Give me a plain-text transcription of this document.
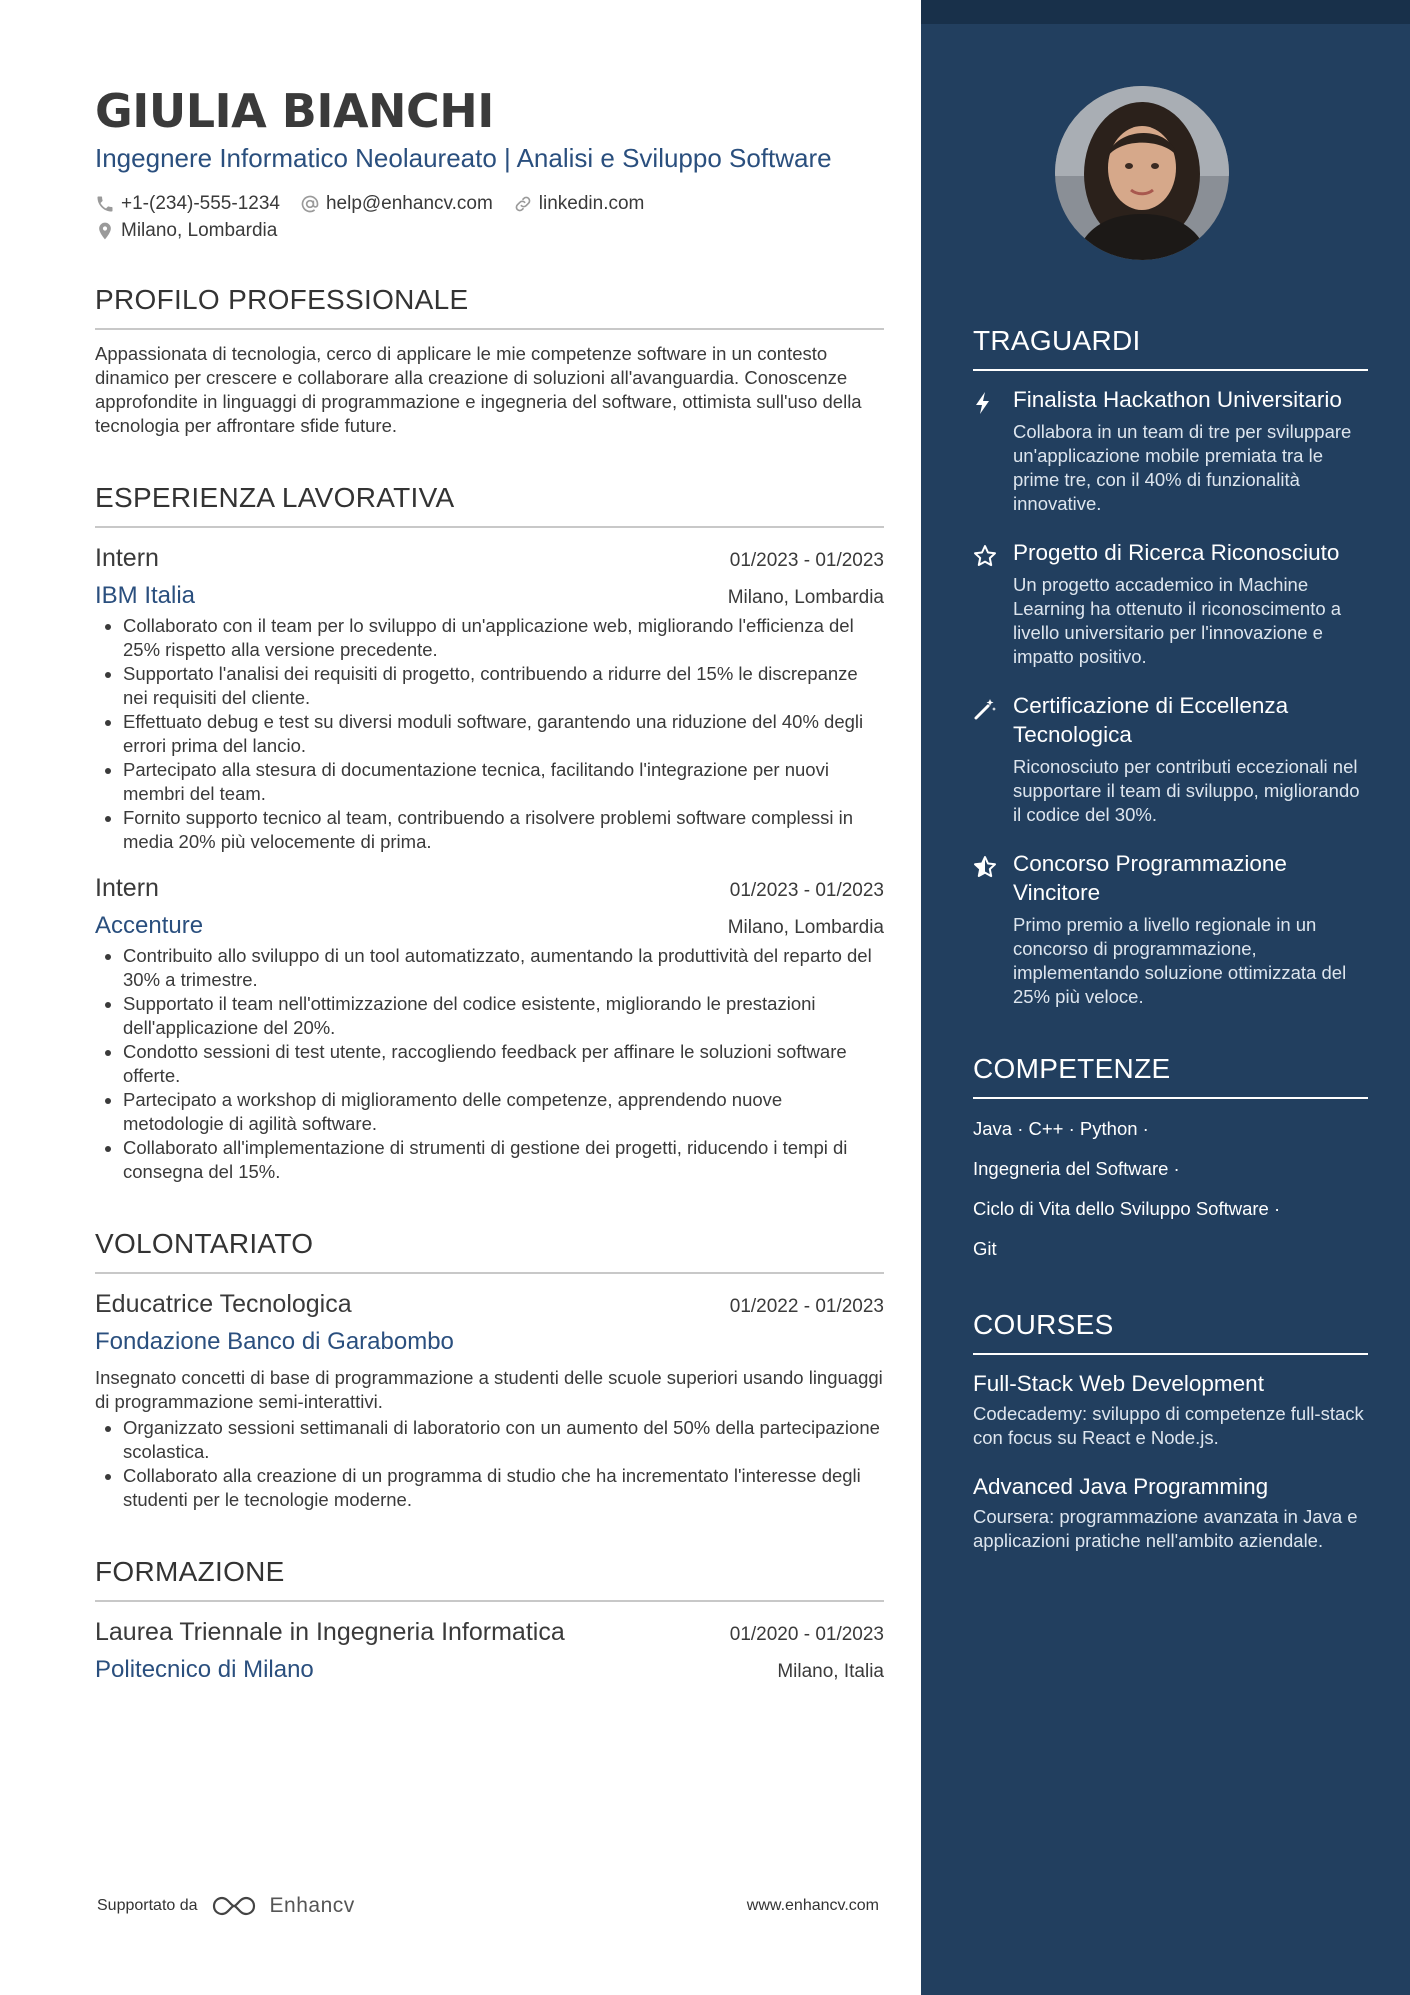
GIULIA BIANCHI
Ingegnere Informatico Neolaureato | Analisi e Sviluppo Software
+1-(234)-555-1234 help@enhancv.com linkedin.com
Milano, Lombardia
PROFILO PROFESSIONALE
Appassionata di tecnologia, cerco di applicare le mie competenze software in un contesto dinamico per crescere e collaborare alla creazione di soluzioni all'avanguardia. Conoscenze approfondite in linguaggi di programmazione e ingegneria del software, ottimista sull'uso della tecnologia per affrontare sfide future.
ESPERIENZA LAVORATIVA
Intern	01/2023 - 01/2023
IBM Italia	Milano, Lombardia
• Collaborato con il team per lo sviluppo di un'applicazione web, migliorando l'efficienza del 25% rispetto alla versione precedente.
• Supportato l'analisi dei requisiti di progetto, contribuendo a ridurre del 15% le discrepanze nei requisiti del cliente.
• Effettuato debug e test su diversi moduli software, garantendo una riduzione del 40% degli errori prima del lancio.
• Partecipato alla stesura di documentazione tecnica, facilitando l'integrazione per nuovi membri del team.
• Fornito supporto tecnico al team, contribuendo a risolvere problemi software complessi in media 20% più velocemente di prima.
Intern	01/2023 - 01/2023
Accenture	Milano, Lombardia
• Contribuito allo sviluppo di un tool automatizzato, aumentando la produttività del reparto del 30% a trimestre.
• Supportato il team nell'ottimizzazione del codice esistente, migliorando le prestazioni dell'applicazione del 20%.
• Condotto sessioni di test utente, raccogliendo feedback per affinare le soluzioni software offerte.
• Partecipato a workshop di miglioramento delle competenze, apprendendo nuove metodologie di agilità software.
• Collaborato all'implementazione di strumenti di gestione dei progetti, riducendo i tempi di consegna del 15%.
VOLONTARIATO
Educatrice Tecnologica	01/2022 - 01/2023
Fondazione Banco di Garabombo
Insegnato concetti di base di programmazione a studenti delle scuole superiori usando linguaggi di programmazione semi-interattivi.
• Organizzato sessioni settimanali di laboratorio con un aumento del 50% della partecipazione scolastica.
• Collaborato alla creazione di un programma di studio che ha incrementato l'interesse degli studenti per le tecnologie moderne.
FORMAZIONE
Laurea Triennale in Ingegneria Informatica	01/2020 - 01/2023
Politecnico di Milano	Milano, Italia
Supportato da	Enhancv	www.enhancv.com
TRAGUARDI
Finalista Hackathon Universitario
Collabora in un team di tre per sviluppare un'applicazione mobile premiata tra le prime tre, con il 40% di funzionalità innovative.
Progetto di Ricerca Riconosciuto
Un progetto accademico in Machine Learning ha ottenuto il riconoscimento a livello universitario per l'innovazione e impatto positivo.
Certificazione di Eccellenza Tecnologica
Riconosciuto per contributi eccezionali nel supportare il team di sviluppo, migliorando il codice del 30%.
Concorso Programmazione Vincitore
Primo premio a livello regionale in un concorso di programmazione, implementando soluzione ottimizzata del 25% più veloce.
COMPETENZE
Java · C++ · Python ·
Ingegneria del Software ·
Ciclo di Vita dello Sviluppo Software ·
Git
COURSES
Full-Stack Web Development
Codecademy: sviluppo di competenze full-stack con focus su React e Node.js.
Advanced Java Programming
Coursera: programmazione avanzata in Java e applicazioni pratiche nell'ambito aziendale.
